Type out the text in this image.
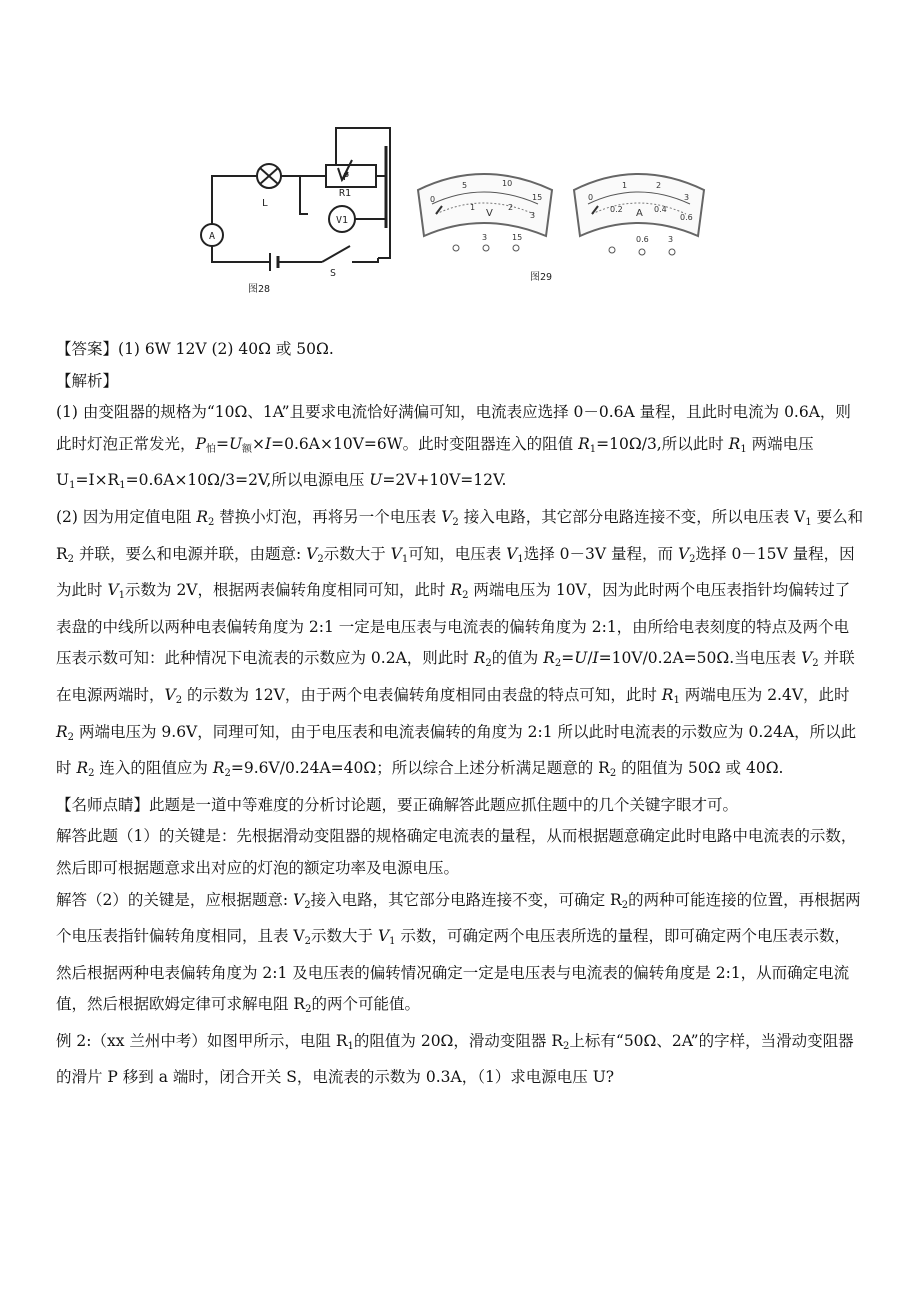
P
R1
V1
A
L
S
图28
0
5	10
15
1	2
3
V
3	15
0
1	2
3
0.2	0.4
0.6
A
0.6 3
图29

【答案】(1) 6W 12V (2) 40Ω 或 50Ω.

【解析】

(1) 由变阻器的规格为“10Ω、1A”且要求电流恰好满偏可知，电流表应选择 0－0.6A 量程，且此时电流为 0.6A，则此时灯泡正常发光，$P_怕=U_额\times I=0.6A\times 10V=6W$。此时变阻器连入的阻值 $R_1=10\Omega/3$,所以此时 $R_1$ 两端电压 $U_1=I\times R_1=0.6A\times 10\Omega/3=2V$,所以电源电压 U=2V+10V=12V.

(2) 因为用定值电阻 $R_2$ 替换小灯泡，再将另一个电压表 $V_2$ 接入电路，其它部分电路连接不变，所以电压表 $V_1$ 要么和 $R_2$ 并联，要么和电源并联，由题意: $V_2$示数大于 $V_1$可知，电压表 $V_1$选择 0－3V 量程，而 $V_2$选择 0－15V 量程，因为此时 $V_1$示数为 2V，根据两表偏转角度相同可知，此时 $R_2$ 两端电压为 10V，因为此时两个电压表指针均偏转过了表盘的中线所以两种电表偏转角度为 2:1 一定是电压表与电流表的偏转角度为 2:1，由所给电表刻度的特点及两个电压表示数可知：此种情况下电流表的示数应为 0.2A，则此时 $R_2$的值为 $R_2=U/I=10V/0.2A=50\Omega$.当电压表 $V_2$ 并联在电源两端时，$V_2$ 的示数为 12V，由于两个电表偏转角度相同由表盘的特点可知，此时 $R_1$ 两端电压为 2.4V，此时 $R_2$ 两端电压为 9.6V，同理可知，由于电压表和电流表偏转的角度为 2:1 所以此时电流表的示数应为 0.24A，所以此时 $R_2$ 连入的阻值应为 $R_2=9.6V/0.24A=40\Omega$；所以综合上述分析满足题意的 $R_2$ 的阻值为 50Ω 或 40Ω.

【名师点睛】此题是一道中等难度的分析讨论题，要正确解答此题应抓住题中的几个关键字眼才可。

解答此题（1）的关键是：先根据滑动变阻器的规格确定电流表的量程，从而根据题意确定此时电路中电流表的示数，然后即可根据题意求出对应的灯泡的额定功率及电源电压。

解答（2）的关键是，应根据题意: $V_2$接入电路，其它部分电路连接不变，可确定 $R_2$的两种可能连接的位置，再根据两个电压表指针偏转角度相同，且表 $V_2$示数大于 $V_1$ 示数，可确定两个电压表所选的量程，即可确定两个电压表示数，然后根据两种电表偏转角度为 2:1 及电压表的偏转情况确定一定是电压表与电流表的偏转角度是 2:1，从而确定电流值，然后根据欧姆定律可求解电阻 $R_2$的两个可能值。

例 2:（xx 兰州中考）如图甲所示，电阻 $R_1$的阻值为 20Ω，滑动变阻器 $R_2$上标有“50Ω、2A”的字样，当滑动变阻器的滑片 P 移到 a 端时，闭合开关 S，电流表的示数为 0.3A，（1）求电源电压 U?
